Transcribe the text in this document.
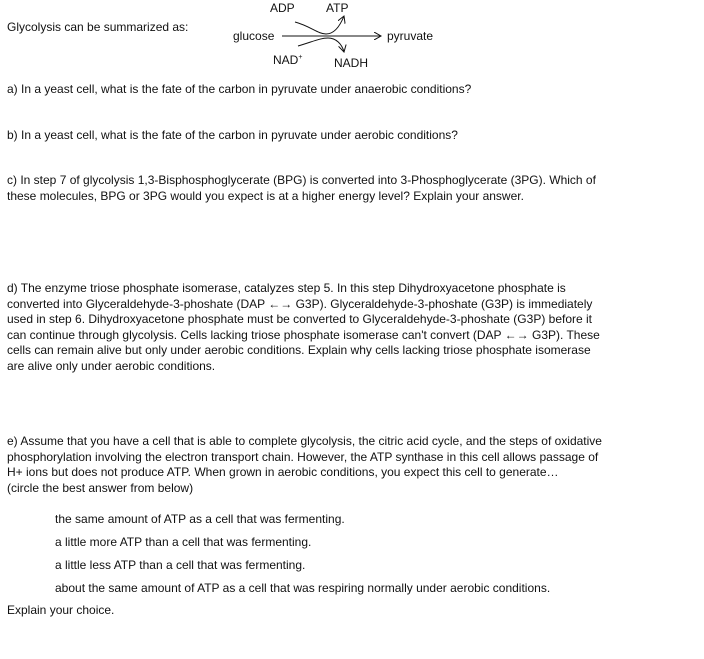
Glycolysis can be summarized as:
ADP	ATP
glucose	pyruvate
NAD+	NADH
a) In a yeast cell, what is the fate of the carbon in pyruvate under anaerobic conditions?
b) In a yeast cell, what is the fate of the carbon in pyruvate under aerobic conditions?
c) In step 7 of glycolysis 1,3-Bisphosphoglycerate (BPG) is converted into 3-Phosphoglycerate (3PG). Which of
these molecules, BPG or 3PG would you expect is at a higher energy level? Explain your answer.
d) The enzyme triose phosphate isomerase, catalyzes step 5. In this step Dihydroxyacetone phosphate is
converted into Glyceraldehyde-3-phoshate (DAP ←→ G3P). Glyceraldehyde-3-phoshate (G3P) is immediately
used in step 6. Dihydroxyacetone phosphate must be converted to Glyceraldehyde-3-phoshate (G3P) before it
can continue through glycolysis. Cells lacking triose phosphate isomerase can't convert (DAP ←→ G3P). These
cells can remain alive but only under aerobic conditions. Explain why cells lacking triose phosphate isomerase
are alive only under aerobic conditions.
e) Assume that you have a cell that is able to complete glycolysis, the citric acid cycle, and the steps of oxidative
phosphorylation involving the electron transport chain. However, the ATP synthase in this cell allows passage of
H+ ions but does not produce ATP. When grown in aerobic conditions, you expect this cell to generate…
(circle the best answer from below)
the same amount of ATP as a cell that was fermenting.
a little more ATP than a cell that was fermenting.
a little less ATP than a cell that was fermenting.
about the same amount of ATP as a cell that was respiring normally under aerobic conditions.
Explain your choice.
